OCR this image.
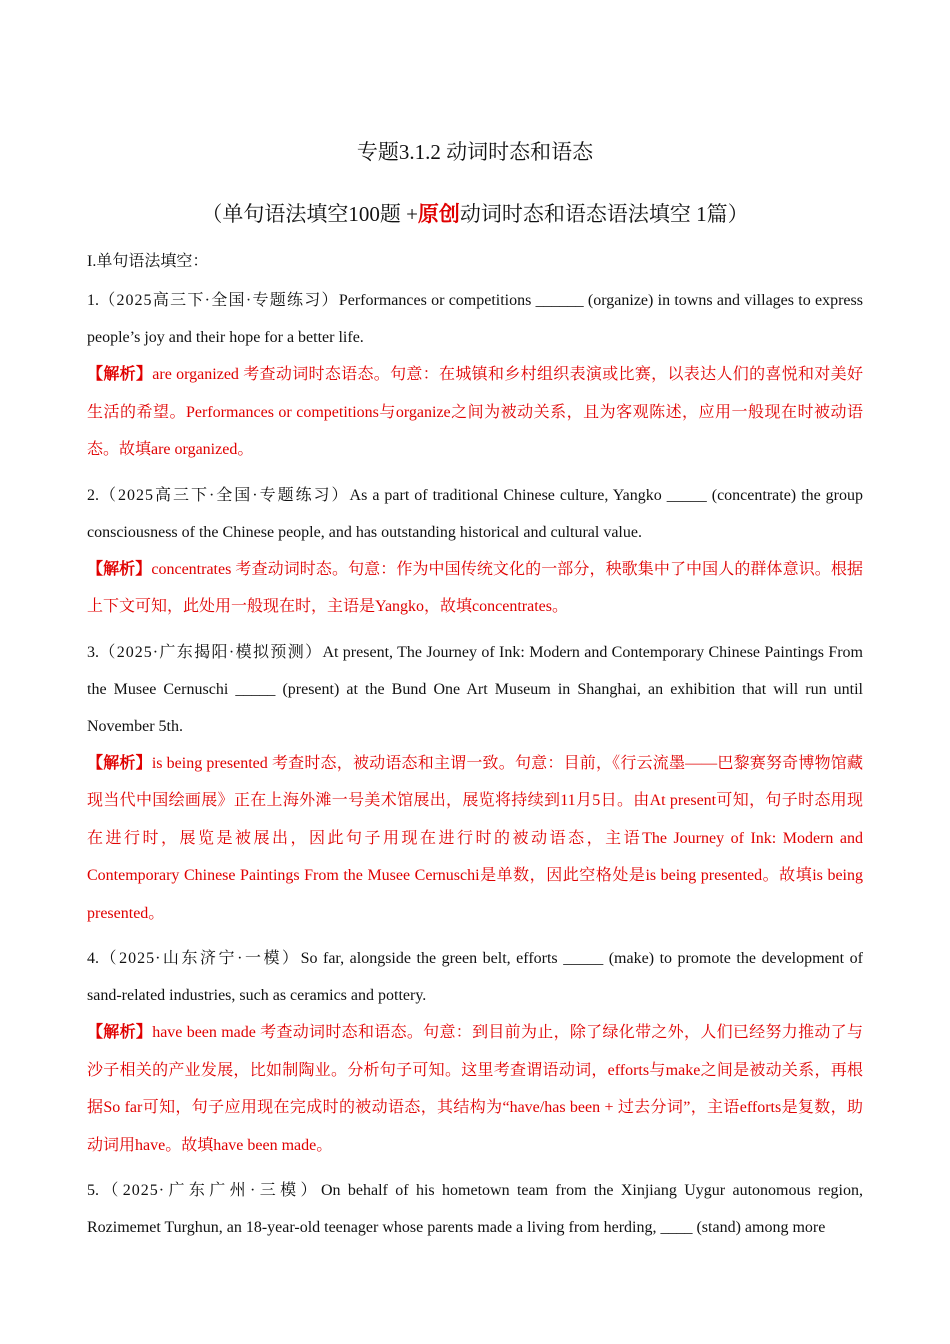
专题3.1.2 动词时态和语态
（单句语法填空100题 +原创动词时态和语态语法填空 1篇）
I.单句语法填空：
1.（2025高三下·全国·专题练习）Performances or competitions ______ (organize) in towns and villages to express people’s joy and their hope for a better life.
【解析】are organized 考查动词时态语态。句意：在城镇和乡村组织表演或比赛，以表达人们的喜悦和对美好生活的希望。Performances or competitions与organize之间为被动关系，且为客观陈述，应用一般现在时被动语态。故填are organized。
2.（2025高三下·全国·专题练习）As a part of traditional Chinese culture, Yangko _____ (concentrate) the group consciousness of the Chinese people, and has outstanding historical and cultural value.
【解析】concentrates 考查动词时态。句意：作为中国传统文化的一部分，秧歌集中了中国人的群体意识。根据上下文可知，此处用一般现在时，主语是Yangko，故填concentrates。
3.（2025·广东揭阳·模拟预测）At present, The Journey of Ink: Modern and Contemporary Chinese Paintings From the Musee Cernuschi _____ (present) at the Bund One Art Museum in Shanghai, an exhibition that will run until November 5th.
【解析】is being presented 考查时态，被动语态和主谓一致。句意：目前，《行云流墨——巴黎赛努奇博物馆藏现当代中国绘画展》正在上海外滩一号美术馆展出，展览将持续到11月5日。由At present可知，句子时态用现在进行时，展览是被展出，因此句子用现在进行时的被动语态，主语The Journey of Ink: Modern and Contemporary Chinese Paintings From the Musee Cernuschi是单数，因此空格处是is being presented。故填is being presented。
4.（2025·山东济宁·一模）So far, alongside the green belt, efforts _____ (make) to promote the development of sand-related industries, such as ceramics and pottery.
【解析】have been made 考查动词时态和语态。句意：到目前为止，除了绿化带之外，人们已经努力推动了与沙子相关的产业发展，比如制陶业。分析句子可知。这里考查谓语动词，efforts与make之间是被动关系，再根据So far可知，句子应用现在完成时的被动语态，其结构为“have/has been + 过去分词”，主语efforts是复数，助动词用have。故填have been made。
5.（2025·广东广州·三模）On behalf of his hometown team from the Xinjiang Uygur autonomous region, Rozimemet Turghun, an 18-year-old teenager whose parents made a living from herding, ____ (stand) among more
